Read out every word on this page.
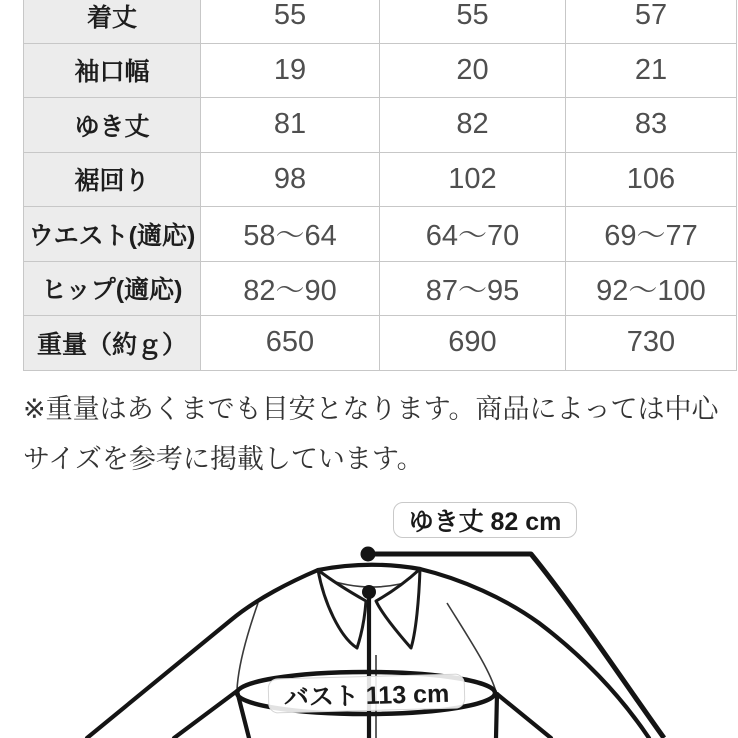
着丈	55	55	57
袖口幅	19	20	21
ゆき丈	81	82	83
裾回り	98	102	106
ウエスト(適応)	58〜64	64〜70	69〜77
ヒップ(適応)	82〜90	87〜95	92〜100
重量（約ｇ）	650	690	730
※重量はあくまでも目安となります。商品によっては中心サイズを参考に掲載しています。
ゆき丈 82 cm
バスト 113 cm
